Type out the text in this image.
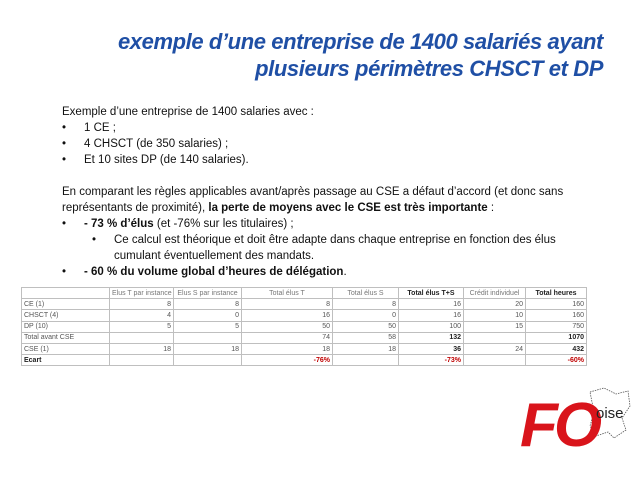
exemple d’une entreprise de 1400 salariés ayant
plusieurs périmètres CHSCT et DP

Exemple d’une entreprise de 1400 salaries avec :

• 1 CE ;
• 4 CHSCT (de 350 salaries) ;
• Et 10 sites DP (de 140 salaries).

En comparant les règles applicables avant/après passage au CSE a défaut d’accord (et donc sans représentants de proximité), la perte de moyens avec le CSE est très importante :

• - 73 % d’élus (et -76% sur les titulaires) ;
• Ce calcul est théorique et doit être adapte dans chaque entreprise en fonction des élus cumulant éventuellement des mandats.
• - 60 % du volume global d’heures de délégation.
	Elus T par instance	Elus S par instance	Total élus T	Total élus S	Total élus T+S	Crédit individuel	Total heures
CE (1)	8	8	8	8	16	20	160
CHSCT (4)	4	0	16	0	16	10	160
DP (10)	5	5	50	50	100	15	750
Total avant CSE			74	58	132		1070
CSE (1)	18	18	18	18	36	24	432
Ecart			-76%		-73%		-60%
FO
oise
